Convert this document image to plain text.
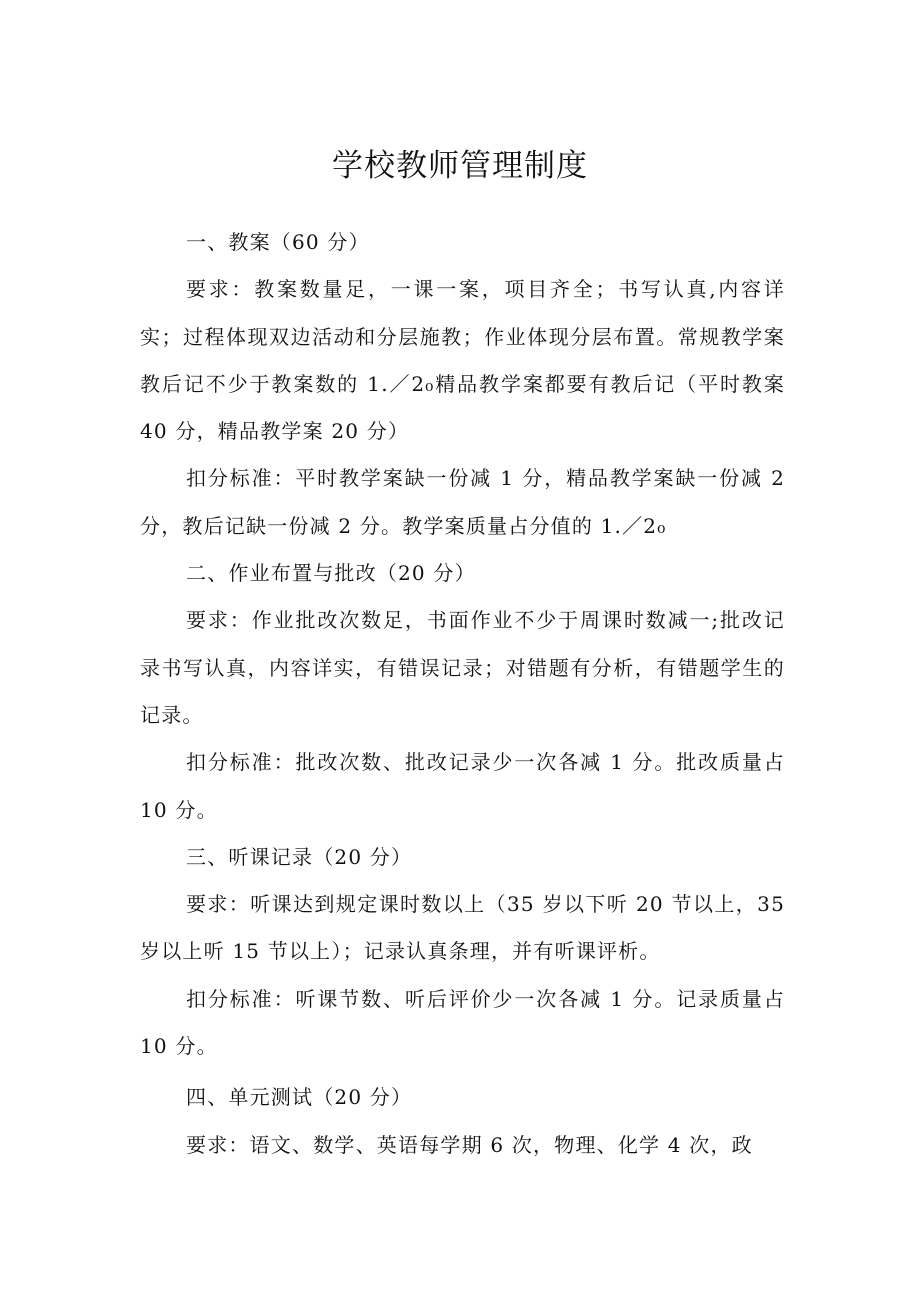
学校教师管理制度

一、教案（60 分）

要求：教案数量足，一课一案，项目齐全；书写认真,内容详实；过程体现双边活动和分层施教；作业体现分层布置。常规教学案教后记不少于教案数的 1.／2₀精品教学案都要有教后记（平时教案 40 分，精品教学案 20 分）

扣分标准：平时教学案缺一份减 1 分，精品教学案缺一份减 2 分，教后记缺一份减 2 分。教学案质量占分值的 1.／2₀

二、作业布置与批改（20 分）

要求：作业批改次数足，书面作业不少于周课时数减一;批改记录书写认真，内容详实，有错误记录；对错题有分析，有错题学生的记录。

扣分标准：批改次数、批改记录少一次各减 1 分。批改质量占 10 分。

三、听课记录（20 分）

要求：听课达到规定课时数以上（35 岁以下听 20 节以上，35 岁以上听 15 节以上）；记录认真条理，并有听课评析。

扣分标准：听课节数、听后评价少一次各减 1 分。记录质量占 10 分。

四、单元测试（20 分）

要求：语文、数学、英语每学期 6 次，物理、化学 4 次，政
